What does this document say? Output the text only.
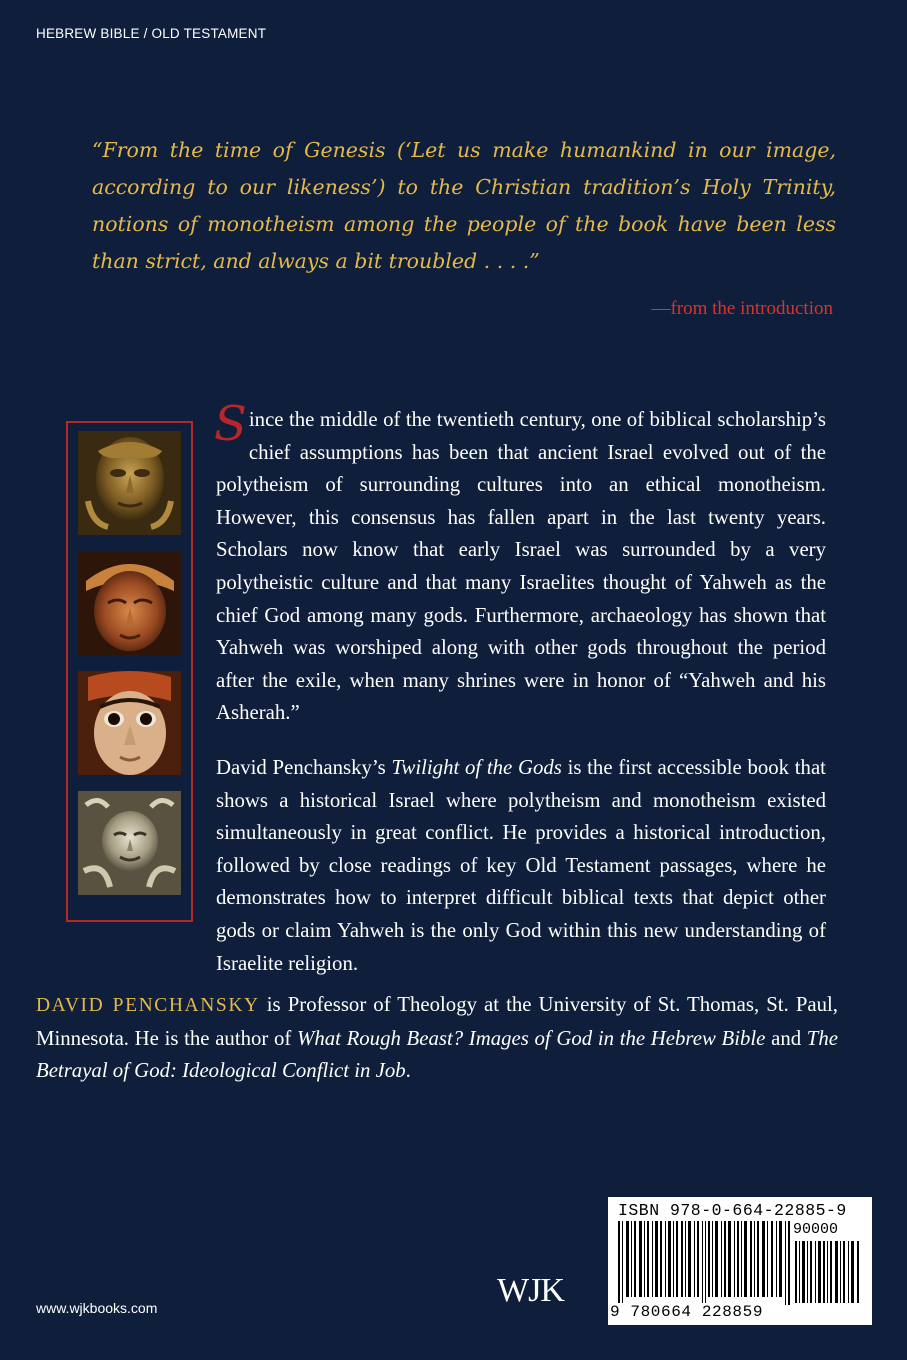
HEBREW BIBLE / OLD TESTAMENT
“From the time of Genesis (‘Let us make humankind in our image, according to our likeness’) to the Christian tradition’s Holy Trinity, notions of monotheism among the people of the book have been less than strict, and always a bit troubled . . . .”
—from the introduction

Since the middle of the twentieth century, one of biblical scholarship’s chief assumptions has been that ancient Israel evolved out of the polytheism of surrounding cultures into an ethical monotheism. However, this consensus has fallen apart in the last twenty years. Scholars now know that early Israel was surrounded by a very polytheistic culture and that many Israelites thought of Yahweh as the chief God among many gods. Furthermore, archaeology has shown that Yahweh was worshiped along with other gods throughout the period after the exile, when many shrines were in honor of “Yahweh and his Asherah.”

David Penchansky’s Twilight of the Gods is the first accessible book that shows a historical Israel where polytheism and monotheism existed simultaneously in great conflict. He provides a historical introduction, followed by close readings of key Old Testament passages, where he demonstrates how to interpret difficult biblical texts that depict other gods or claim Yahweh is the only God within this new understanding of Israelite religion.

DAVID PENCHANSKY is Professor of Theology at the University of St. Thomas, St. Paul, Minnesota. He is the author of What Rough Beast? Images of God in the Hebrew Bible and The Betrayal of God: Ideological Conflict in Job.
www.wjkbooks.com	WJK
ISBN 978-0-664-22885-9
90000
9 780664 228859
